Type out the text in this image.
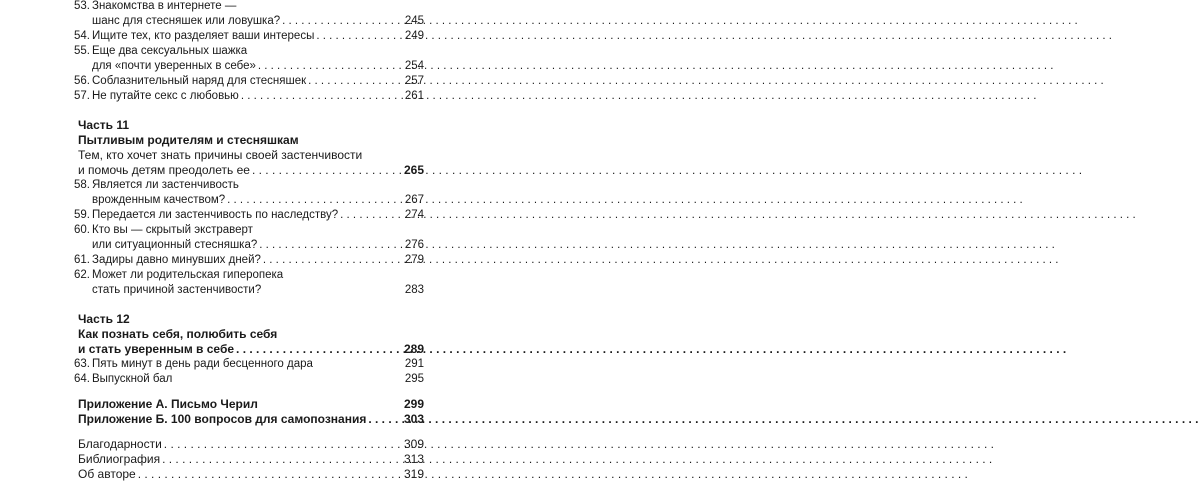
53. Знакомства в интернете —
шанс для стесняшек или ловушка? . . .	245
54. Ищите тех, кто разделяет ваши интересы . . .	249
55. Еще два сексуальных шажка
для «почти уверенных в себе» . . .	254
56. Соблазнительный наряд для стесняшек . . .	257
57. Не путайте секс с любовью . . .	261
Часть 11
Пытливым родителям и стесняшкам
Тем, кто хочет знать причины своей застенчивости
и помочь детям преодолеть ее . . .	265
58. Является ли застенчивость
врожденным качеством? . . .	267
59. Передается ли застенчивость по наследству? . . .	274
60. Кто вы — скрытый экстраверт
или ситуационный стесняшка? . . .	276
61. Задиры давно минувших дней? . . .	279
62. Может ли родительская гиперопека
стать причиной застенчивости?	283
Часть 12
Как познать себя, полюбить себя
и стать уверенным в себе . . .	289
63. Пять минут в день ради бесценного дара	291
64. Выпускной бал	295
Приложение А. Письмо Черил	299
Приложение Б. 100 вопросов для самопознания . . .	303
Благодарности . . .	309
Библиография . . .	313
Об авторе . . .	319
